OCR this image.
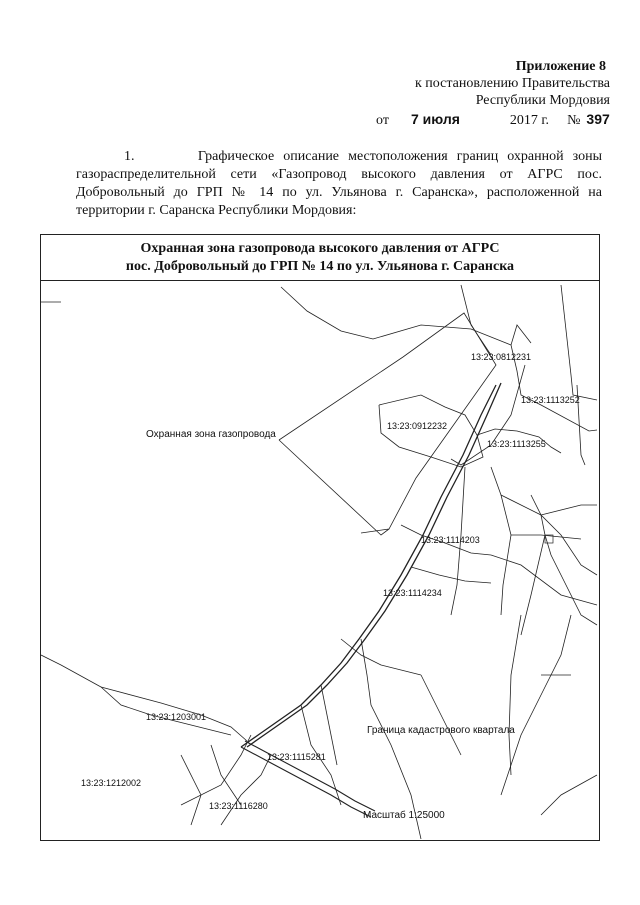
Приложение 8
к постановлению Правительства
Республики Мордовия
от 7 июля	2017 г. № 397
1.	Графическое описание местоположения границ охранной зоны газораспределительной сети «Газопровод высокого давления от АГРС пос. Добровольный до ГРП № 14 по ул. Ульянова г. Саранска», расположенной на территории г. Саранска Республики Мордовия:
Охранная зона газопровода высокого давления от АГРС
пос. Добровольный до ГРП № 14 по ул. Ульянова г. Саранска
13:23:0812231
13:23:1113252
13:23:0912232
13:23:1113255
13:23:1114203
13:23:1114234
13:23:1203001
13:23:1115281
13:23:1212002
13:23:1116280
Охранная зона газопровода
Граница кадастрового квартала
Масштаб 1:25000
